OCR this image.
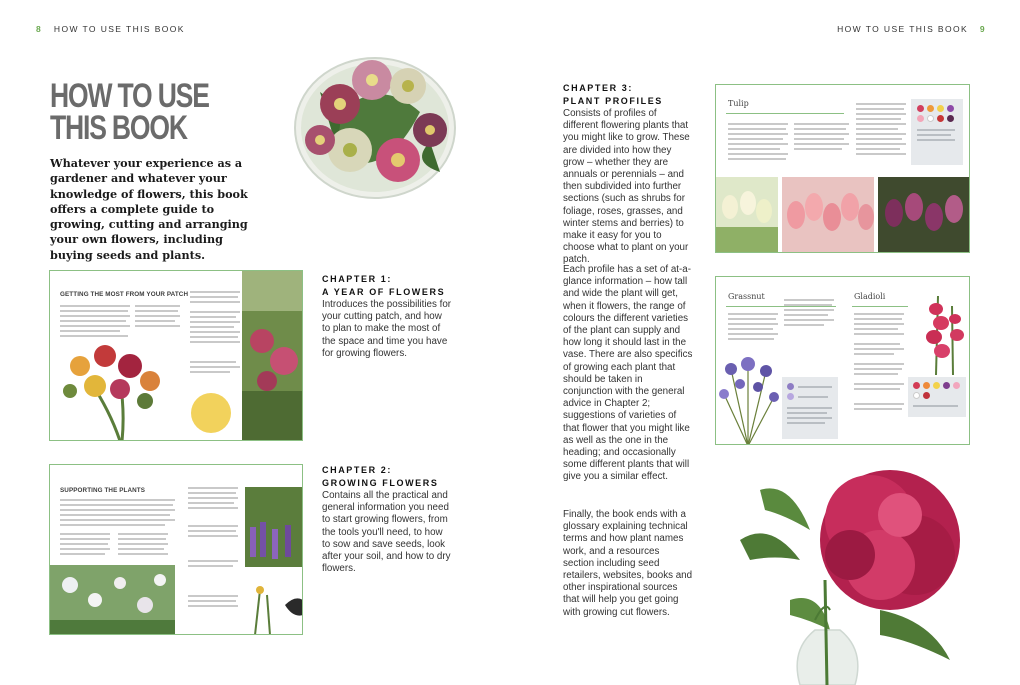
8 HOW TO USE THIS BOOK	HOW TO USE THIS BOOK 9
HOW TO USE
THIS BOOK

Whatever your experience as a gardener and whatever your knowledge of flowers, this book offers a complete guide to growing, cutting and arranging your own flowers, including buying seeds and plants.

GETTING THE MOST FROM YOUR PATCH
CHAPTER 1:
A YEAR OF FLOWERS

Introduces the possibilities for your cutting patch, and how to plan to make the most of the space and time you have for growing flowers.

SUPPORTING THE PLANTS
CHAPTER 2:
GROWING FLOWERS

Contains all the practical and general information you need to start growing flowers, from the tools you'll need, to how to sow and save seeds, look after your soil, and how to dry flowers.

CHAPTER 3:
PLANT PROFILES

Consists of profiles of different flowering plants that you might like to grow. These are divided into how they grow – whether they are annuals or perennials – and then subdivided into further sections (such as shrubs for foliage, roses, grasses, and winter stems and berries) to make it easy for you to choose what to plant on your patch.

Each profile has a set of at-a-glance information – how tall and wide the plant will get, when it flowers, the range of colours the different varieties of the plant can supply and how long it should last in the vase. There are also specifics of growing each plant that should be taken in conjunction with the general advice in Chapter 2; suggestions of varieties of that flower that you might like as well as the one in the heading; and occasionally some different plants that will give you a similar effect.

Finally, the book ends with a glossary explaining technical terms and how plant names work, and a resources section including seed retailers, websites, books and other inspirational sources that will help you get going with growing cut flowers.

Tulip
Grassnut	Gladioli
